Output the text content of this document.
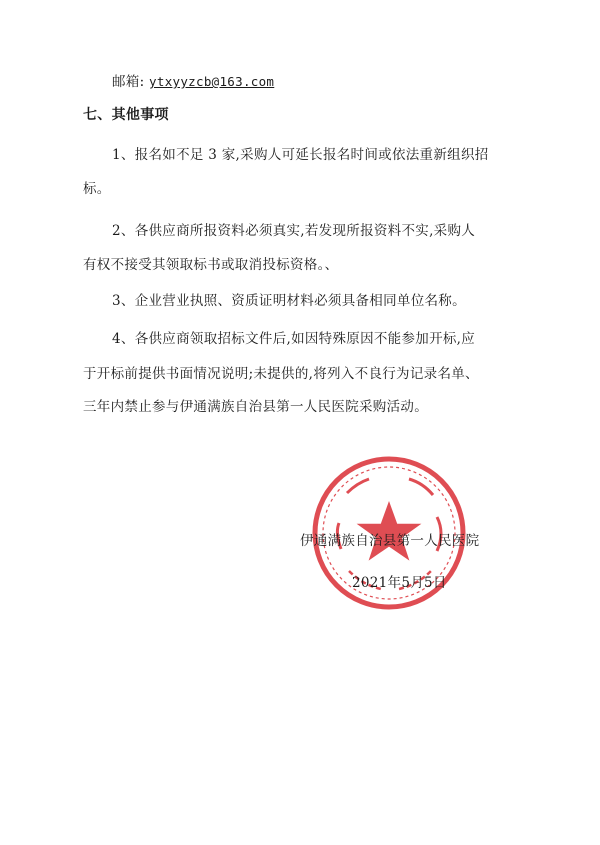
邮箱: ytxyyzcb@163.com
七、其他事项
1、报名如不足 3 家,采购人可延长报名时间或依法重新组织招
标。
2、各供应商所报资料必须真实,若发现所报资料不实,采购人
有权不接受其领取标书或取消投标资格。、
3、企业营业执照、资质证明材料必须具备相同单位名称。
4、各供应商领取招标文件后,如因特殊原因不能参加开标,应
于开标前提供书面情况说明;未提供的,将列入不良行为记录名单、
三年内禁止参与伊通满族自治县第一人民医院采购活动。
伊通满族自治县第一人民医院
2021年5月5日
